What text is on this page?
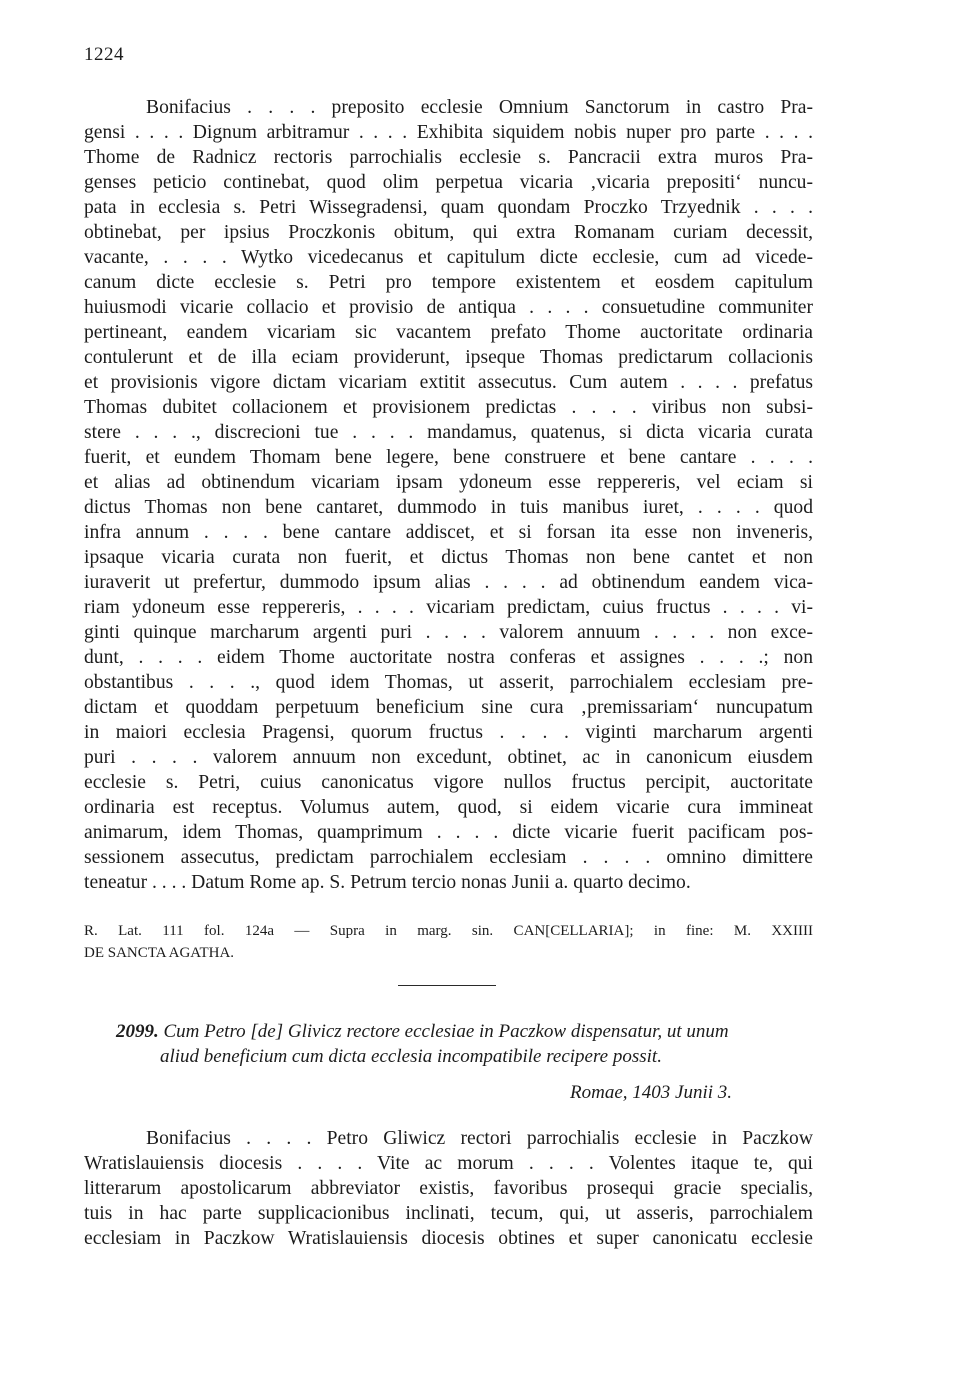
1224
Bonifacius . . . . preposito ecclesie Omnium Sanctorum in castro Pra-
gensi . . . . Dignum arbitramur . . . . Exhibita siquidem nobis nuper pro parte . . . .
Thome de Radnicz rectoris parrochialis ecclesie s. Pancracii extra muros Pra-
genses peticio continebat, quod olim perpetua vicaria ‚vicaria prepositi‘ nuncu-
pata in ecclesia s. Petri Wissegradensi, quam quondam Proczko Trzyednik . . . .
obtinebat, per ipsius Proczkonis obitum, qui extra Romanam curiam decessit,
vacante, . . . . Wytko vicedecanus et capitulum dicte ecclesie, cum ad vicede-
canum dicte ecclesie s. Petri pro tempore existentem et eosdem capitulum
huiusmodi vicarie collacio et provisio de antiqua . . . . consuetudine communiter
pertineant, eandem vicariam sic vacantem prefato Thome auctoritate ordinaria
contulerunt et de illa eciam providerunt, ipseque Thomas predictarum collacionis
et provisionis vigore dictam vicariam extitit assecutus. Cum autem . . . . prefatus
Thomas dubitet collacionem et provisionem predictas . . . . viribus non subsi-
stere . . . ., discrecioni tue . . . . mandamus, quatenus, si dicta vicaria curata
fuerit, et eundem Thomam bene legere, bene construere et bene cantare . . . .
et alias ad obtinendum vicariam ipsam ydoneum esse reppereris, vel eciam si
dictus Thomas non bene cantaret, dummodo in tuis manibus iuret, . . . . quod
infra annum . . . . bene cantare addiscet, et si forsan ita esse non inveneris,
ipsaque vicaria curata non fuerit, et dictus Thomas non bene cantet et non
iuraverit ut prefertur, dummodo ipsum alias . . . . ad obtinendum eandem vica-
riam ydoneum esse reppereris, . . . . vicariam predictam, cuius fructus . . . . vi-
ginti quinque marcharum argenti puri . . . . valorem annuum . . . . non exce-
dunt, . . . . eidem Thome auctoritate nostra conferas et assignes . . . .; non
obstantibus . . . ., quod idem Thomas, ut asserit, parrochialem ecclesiam pre-
dictam et quoddam perpetuum beneficium sine cura ‚premissariam‘ nuncupatum
in maiori ecclesia Pragensi, quorum fructus . . . . viginti marcharum argenti
puri . . . . valorem annuum non excedunt, obtinet, ac in canonicum eiusdem
ecclesie s. Petri, cuius canonicatus vigore nullos fructus percipit, auctoritate
ordinaria est receptus. Volumus autem, quod, si eidem vicarie cura immineat
animarum, idem Thomas, quamprimum . . . . dicte vicarie fuerit pacificam pos-
sessionem assecutus, predictam parrochialem ecclesiam . . . . omnino dimittere
teneatur . . . . Datum Rome ap. S. Petrum tercio nonas Junii a. quarto decimo.
R. Lat. 111 fol. 124a — Supra in marg. sin. CAN[CELLARIA]; in fine: M. XXIIII
DE SANCTA AGATHA.
2099. Cum Petro [de] Glivicz rectore ecclesiae in Paczkow dispensatur, ut unum
aliud beneficium cum dicta ecclesia incompatibile recipere possit.
Romae, 1403 Junii 3.
Bonifacius . . . . Petro Gliwicz rectori parrochialis ecclesie in Paczkow
Wratislauiensis diocesis . . . . Vite ac morum . . . . Volentes itaque te, qui
litterarum apostolicarum abbreviator existis, favoribus prosequi gracie specialis,
tuis in hac parte supplicacionibus inclinati, tecum, qui, ut asseris, parrochialem
ecclesiam in Paczkow Wratislauiensis diocesis obtines et super canonicatu ecclesie
